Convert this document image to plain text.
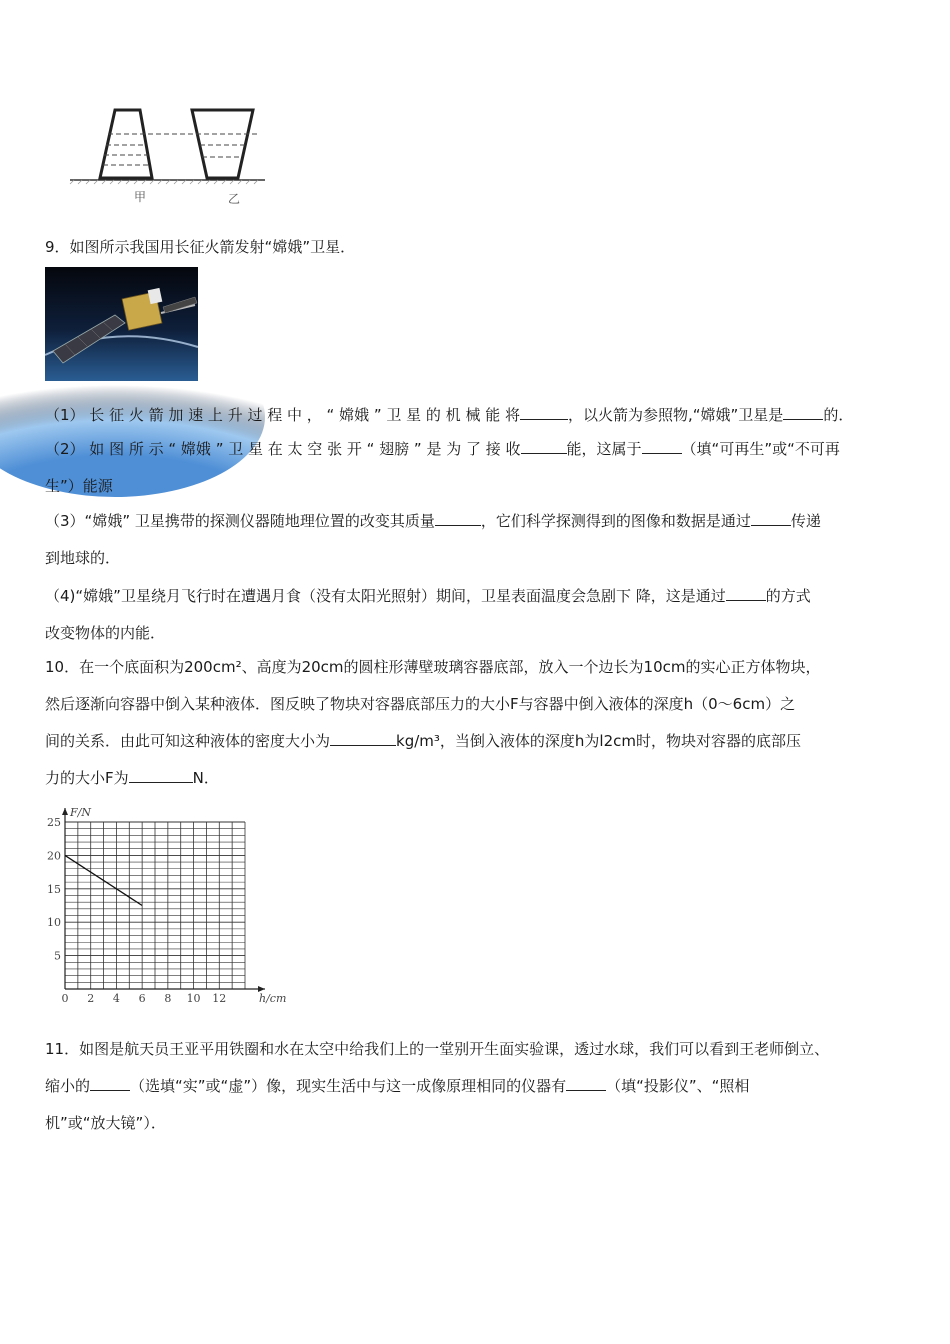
甲	乙
9．如图所示我国用长征火箭发射“嫦娥”卫星．
（1） 长 征 火 箭 加 速 上 升 过 程 中 ， “ 嫦娥 ” 卫 星 的 机 械 能 将	，以火箭为参照物,“嫦娥”卫星是	的．
（2） 如 图 所 示 “ 嫦娥 ” 卫 星 在 太 空 张 开 “ 翅膀 ” 是 为 了 接 收	能，这属于	（填“可再生”或“不可再
生”）能源
（3）“嫦娥” 卫星携带的探测仪器随地理位置的改变其质量	，它们科学探测得到的图像和数据是通过	传递
到地球的．
（4)“嫦娥”卫星绕月飞行时在遭遇月食（没有太阳光照射）期间，卫星表面温度会急剧下 降，这是通过	的方式
改变物体的内能．
10．在一个底面积为200cm²、高度为20cm的圆柱形薄壁玻璃容器底部，放入一个边长为10cm的实心正方体物块，
然后逐渐向容器中倒入某种液体．图反映了物块对容器底部压力的大小F与容器中倒入液体的深度h（0～6cm）之
间的关系．由此可知这种液体的密度大小为	kg/m³，当倒入液体的深度h为l2cm时，物块对容器的底部压
力的大小F为	N．
0 2 4 6 8 10 12
25
20
15
10
5
F/N
h/cm
11．如图是航天员王亚平用铁圈和水在太空中给我们上的一堂别开生面实验课，透过水球，我们可以看到王老师倒立、
缩小的	（选填“实”或“虚”）像，现实生活中与这一成像原理相同的仪器有	（填“投影仪”、“照相
机”或“放大镜”）．
